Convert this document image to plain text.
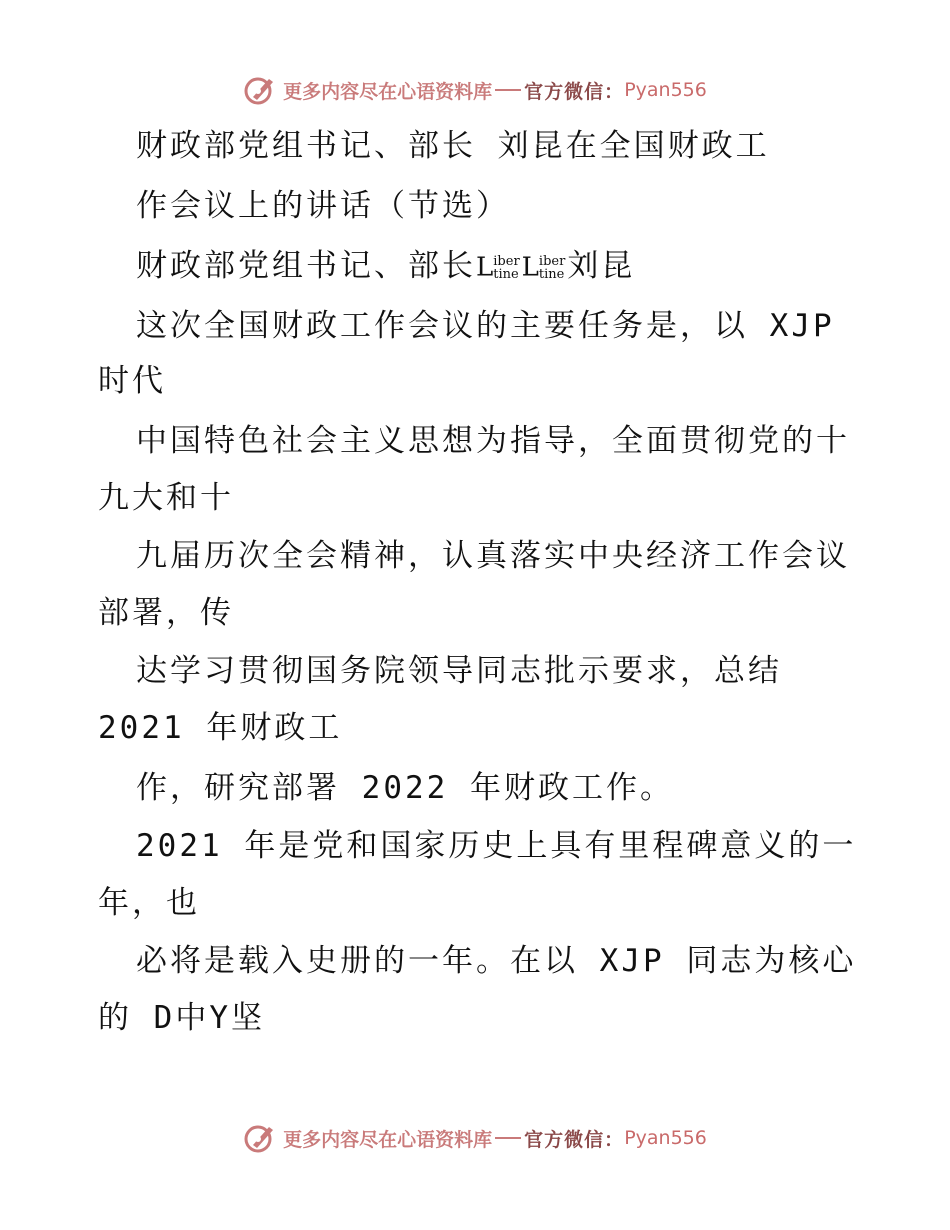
更多内容尽在心语资料库 官方微信： Pyan556
财政部党组书记、部长 刘昆在全国财政工
作会议上的讲话（节选）
财政部党组书记、部长Liber
tine Liber
tine刘昆
这次全国财政工作会议的主要任务是，以 XJP
时代
中国特色社会主义思想为指导，全面贯彻党的十
九大和十
九届历次全会精神，认真落实中央经济工作会议
部署，传
达学习贯彻国务院领导同志批示要求，总结
2021 年财政工
作，研究部署 2022 年财政工作。
2021 年是党和国家历史上具有里程碑意义的一
年，也
必将是载入史册的一年。在以 XJP 同志为核心
的 D中Y坚
更多内容尽在心语资料库 官方微信： Pyan556
